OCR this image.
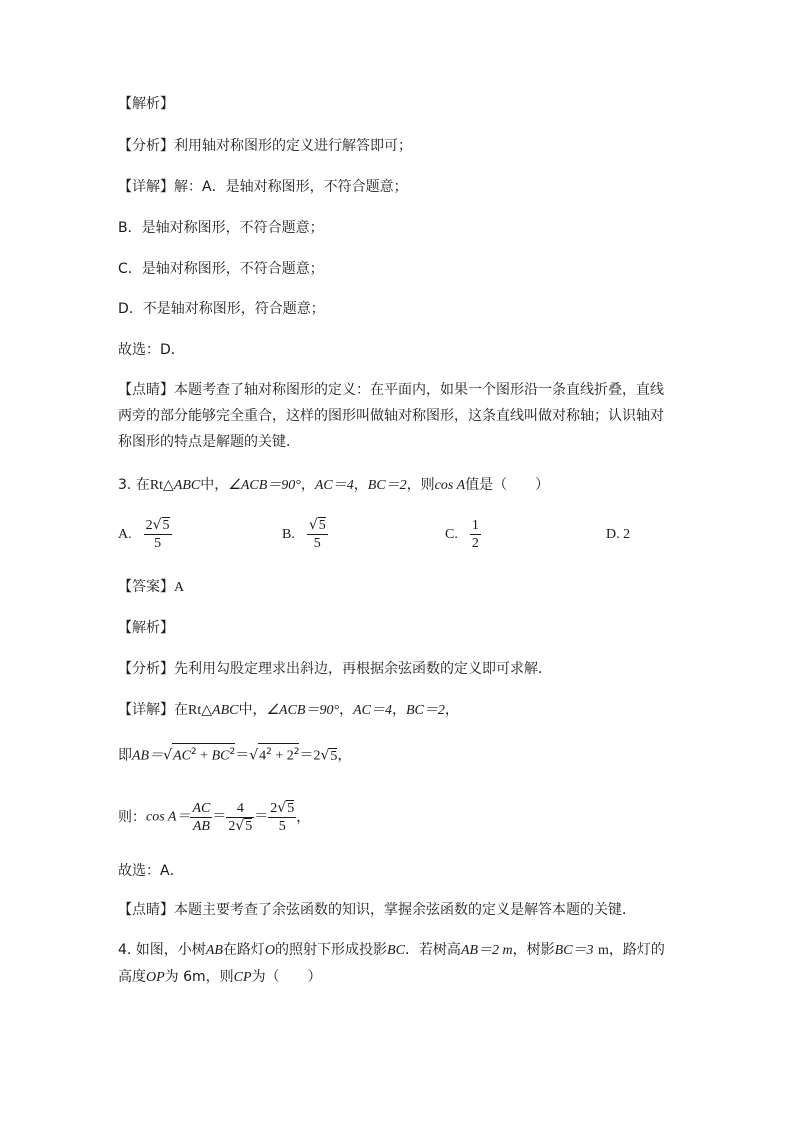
【解析】
【分析】利用轴对称图形的定义进行解答即可；
【详解】解：A．是轴对称图形，不符合题意；
B．是轴对称图形，不符合题意；
C．是轴对称图形，不符合题意；
D．不是轴对称图形，符合题意；
故选：D．
【点睛】本题考查了轴对称图形的定义：在平面内，如果一个图形沿一条直线折叠，直线两旁的部分能够完全重合，这样的图形叫做轴对称图形，这条直线叫做对称轴；认识轴对称图形的特点是解题的关键．
3. 在Rt△ABC中，∠ACB＝90°，AC＝4，BC＝2，则cos A值是（　　）
A. $\frac{2√5}{5}$	B. $\frac{√5}{5}$	C. $\frac{1}{2}$	D. 2
【答案】A
【解析】
【分析】先利用勾股定理求出斜边，再根据余弦函数的定义即可求解．
【详解】在Rt△ABC中，∠ACB＝90°，AC＝4，BC＝2，
即$AB=√AC^2 + BC^2=√4^2 + 2^2=2√5$，
则：$\cos A= \frac{AC}{AB} = \frac{4}{2√5} = \frac{2√5}{5}$ ，
故选：A．
【点睛】本题主要考查了余弦函数的知识，掌握余弦函数的定义是解答本题的关键．
4. 如图，小树AB在路灯O的照射下形成投影BC．若树高AB＝2 m，树影BC＝3 m，路灯的高度OP为 6m，则CP为（　　）
